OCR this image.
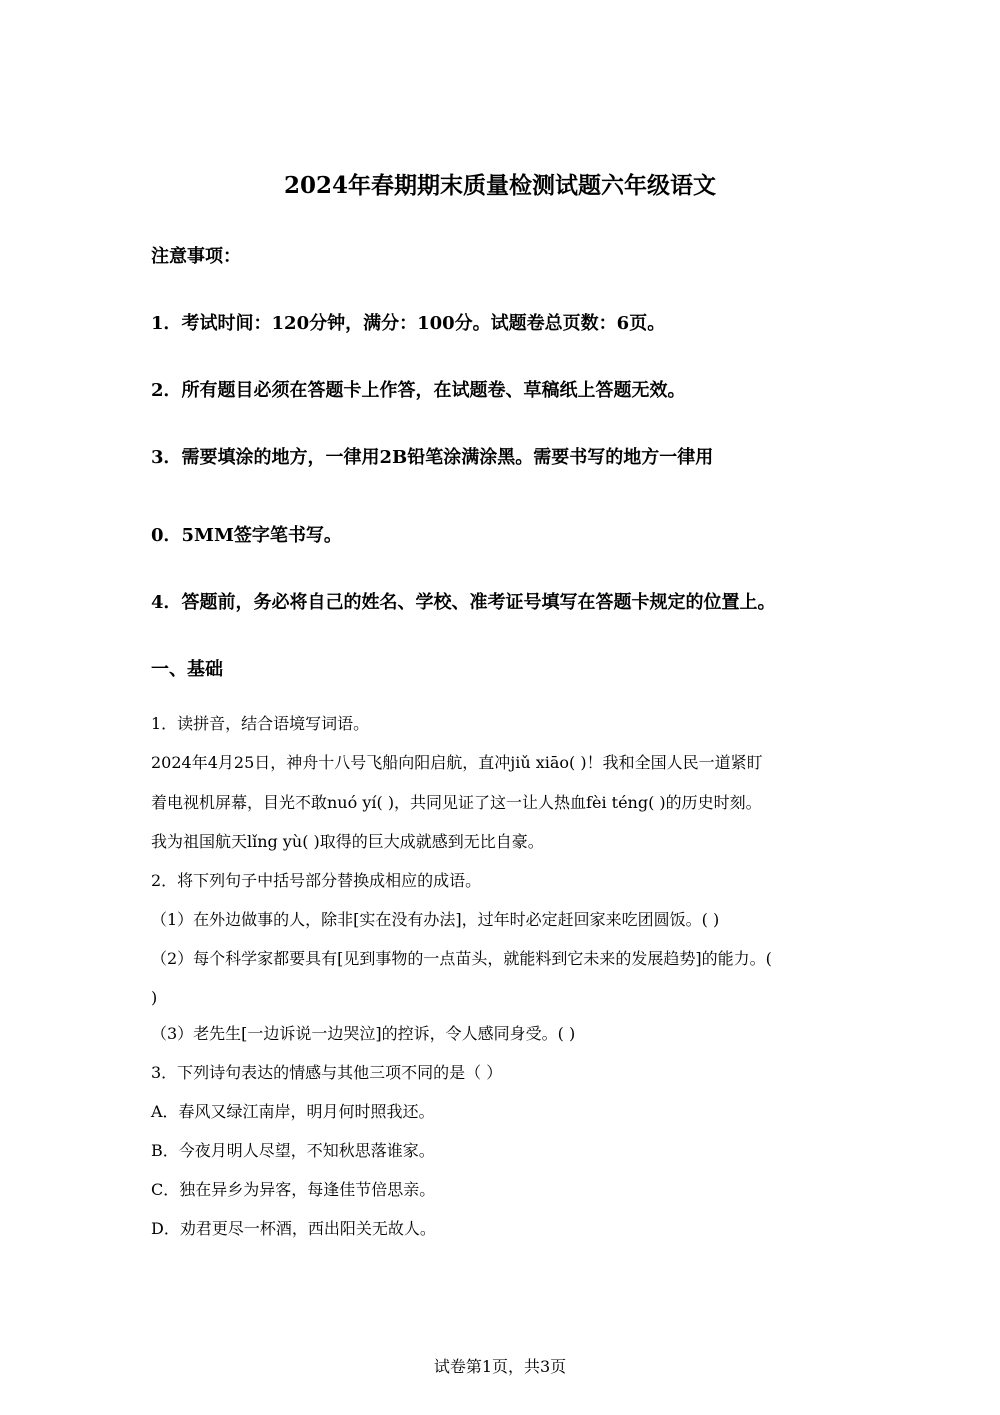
2024年春期期末质量检测试题六年级语文
注意事项：
1．考试时间：120分钟，满分：100分。试题卷总页数：6页。
2．所有题目必须在答题卡上作答，在试题卷、草稿纸上答题无效。
3．需要填涂的地方，一律用2B铅笔涂满涂黑。需要书写的地方一律用
0．5MM签字笔书写。
4．答题前，务必将自己的姓名、学校、准考证号填写在答题卡规定的位置上。
一、基础
1．读拼音，结合语境写词语。
2024年4月25日，神舟十八号飞船向阳启航，直冲jiǔ xiāo( )！我和全国人民一道紧盯
着电视机屏幕，目光不敢nuó yí( )，共同见证了这一让人热血fèi téng( )的历史时刻。
我为祖国航天lǐng yù( )取得的巨大成就感到无比自豪。
2．将下列句子中括号部分替换成相应的成语。
（1）在外边做事的人，除非[实在没有办法]，过年时必定赶回家来吃团圆饭。( )
（2）每个科学家都要具有[见到事物的一点苗头，就能料到它未来的发展趋势]的能力。(
)
（3）老先生[一边诉说一边哭泣]的控诉，令人感同身受。( )
3．下列诗句表达的情感与其他三项不同的是（ ）
A．春风又绿江南岸，明月何时照我还。
B．今夜月明人尽望，不知秋思落谁家。
C．独在异乡为异客，每逢佳节倍思亲。
D．劝君更尽一杯酒，西出阳关无故人。
试卷第1页，共3页
